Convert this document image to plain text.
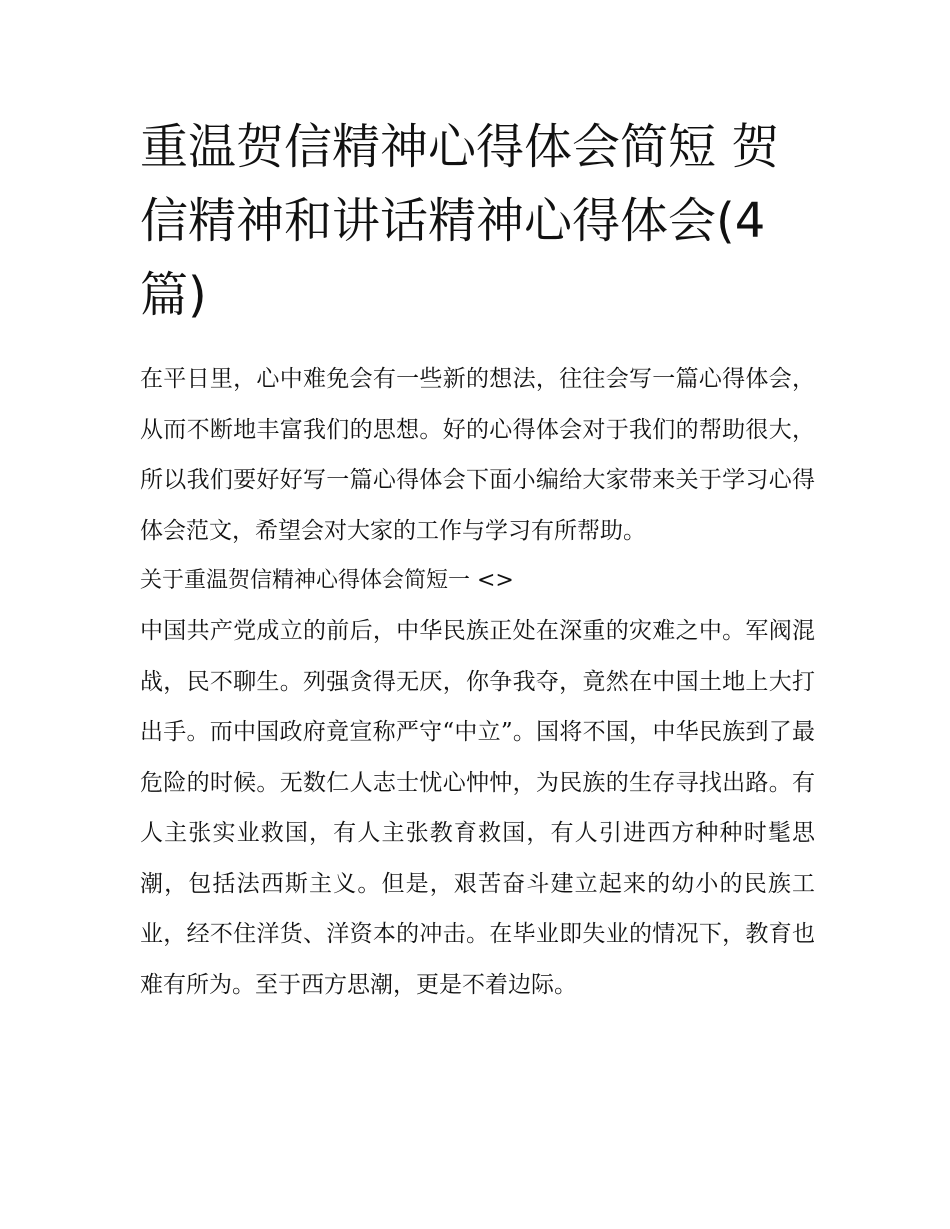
重温贺信精神心得体会简短 贺信精神和讲话精神心得体会(4篇)

在平日里，心中难免会有一些新的想法，往往会写一篇心得体会，从而不断地丰富我们的思想。好的心得体会对于我们的帮助很大，所以我们要好好写一篇心得体会下面小编给大家带来关于学习心得体会范文，希望会对大家的工作与学习有所帮助。

关于重温贺信精神心得体会简短一 <>

中国共产党成立的前后，中华民族正处在深重的灾难之中。军阀混战，民不聊生。列强贪得无厌，你争我夺，竟然在中国土地上大打出手。而中国政府竟宣称严守“中立”。国将不国，中华民族到了最危险的时候。无数仁人志士忧心忡忡，为民族的生存寻找出路。有人主张实业救国，有人主张教育救国，有人引进西方种种时髦思潮，包括法西斯主义。但是，艰苦奋斗建立起来的幼小的民族工业，经不住洋货、洋资本的冲击。在毕业即失业的情况下，教育也难有所为。至于西方思潮，更是不着边际。
